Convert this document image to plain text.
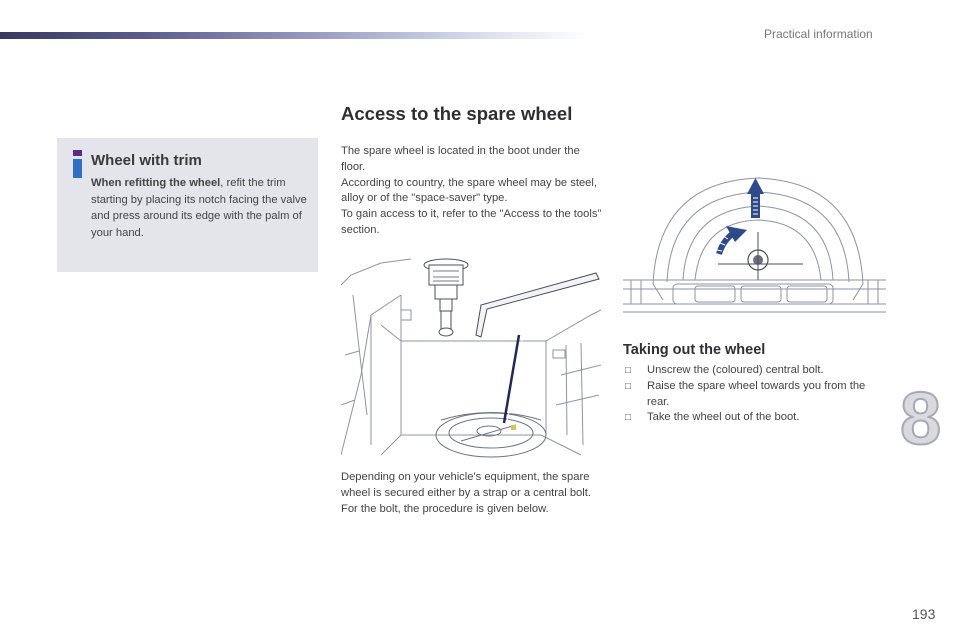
Practical information
Wheel with trim
When refitting the wheel, refit the trim starting by placing its notch facing the valve and press around its edge with the palm of your hand.
Access to the spare wheel

The spare wheel is located in the boot under the floor.

According to country, the spare wheel may be steel, alloy or of the "space-saver" type.

To gain access to it, refer to the "Access to the tools" section.

Depending on your vehicle's equipment, the spare wheel is secured either by a strap or a central bolt. For the bolt, the procedure is given below.
Taking out the wheel
□ Unscrew the (coloured) central bolt.
□ Raise the spare wheel towards you from the rear.
□ Take the wheel out of the boot.	8
193
